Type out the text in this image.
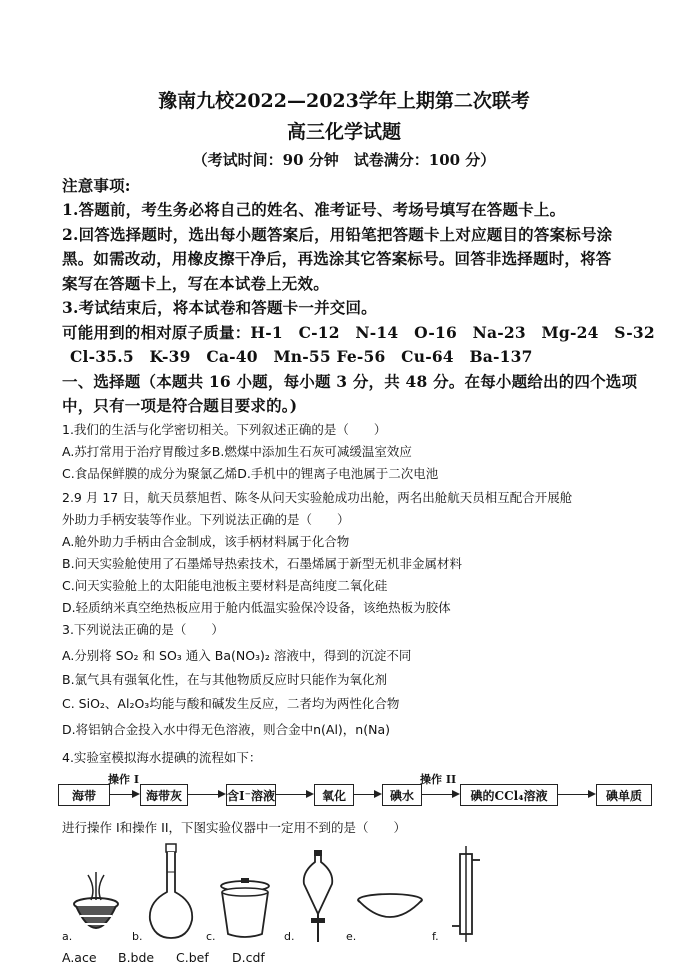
豫南九校2022—2023学年上期第二次联考
高三化学试题
（考试时间：90 分钟　试卷满分：100 分）
注意事项:
1.答题前，考生务必将自己的姓名、准考证号、考场号填写在答题卡上。
2.回答选择题时，选出每小题答案后，用铅笔把答题卡上对应题目的答案标号涂
黑。如需改动，用橡皮擦干净后，再选涂其它答案标号。回答非选择题时，将答
案写在答题卡上，写在本试卷上无效。
3.考试结束后，将本试卷和答题卡一并交回。
可能用到的相对原子质量：H-1　C-12　N-14　O-16　Na-23　Mg-24　S-32
Cl-35.5　K-39　Ca-40　Mn-55 Fe-56　Cu-64　Ba-137
一、选择题（本题共 16 小题，每小题 3 分，共 48 分。在每小题给出的四个选项
中，只有一项是符合题目要求的。)
1.我们的生活与化学密切相关。下列叙述正确的是（　　）
A.苏打常用于治疗胃酸过多B.燃煤中添加生石灰可减缓温室效应
C.食品保鲜膜的成分为聚氯乙烯D.手机中的锂离子电池属于二次电池
2.9 月 17 日，航天员蔡旭哲、陈冬从问天实验舱成功出舱，两名出舱航天员相互配合开展舱
外助力手柄安装等作业。下列说法正确的是（　　）
A.舱外助力手柄由合金制成，该手柄材料属于化合物
B.问天实验舱使用了石墨烯导热索技术，石墨烯属于新型无机非金属材料
C.问天实验舱上的太阳能电池板主要材料是高纯度二氧化硅
D.轻质纳米真空绝热板应用于舱内低温实验保冷设备，该绝热板为胶体
3.下列说法正确的是（　　）
A.分别将 SO₂ 和 SO₃ 通入 Ba(NO₃)₂ 溶液中，得到的沉淀不同
B.氯气具有强氧化性，在与其他物质反应时只能作为氧化剂
C. SiO₂、Al₂O₃均能与酸和碱发生反应，二者均为两性化合物
D.将铝钠合金投入水中得无色溶液，则合金中n(Al)，n(Na)
4.实验室模拟海水提碘的流程如下：
海带
操作 I
海带灰	含I⁻溶液	氧化	碘水
操作 II
碘的CCl₄溶液	碘单质
进行操作 I和操作 II，下图实验仪器中一定用不到的是（　　）
a.	b.	c.	d.	e.	f.
A.ace B.bde C.bef D.cdf
